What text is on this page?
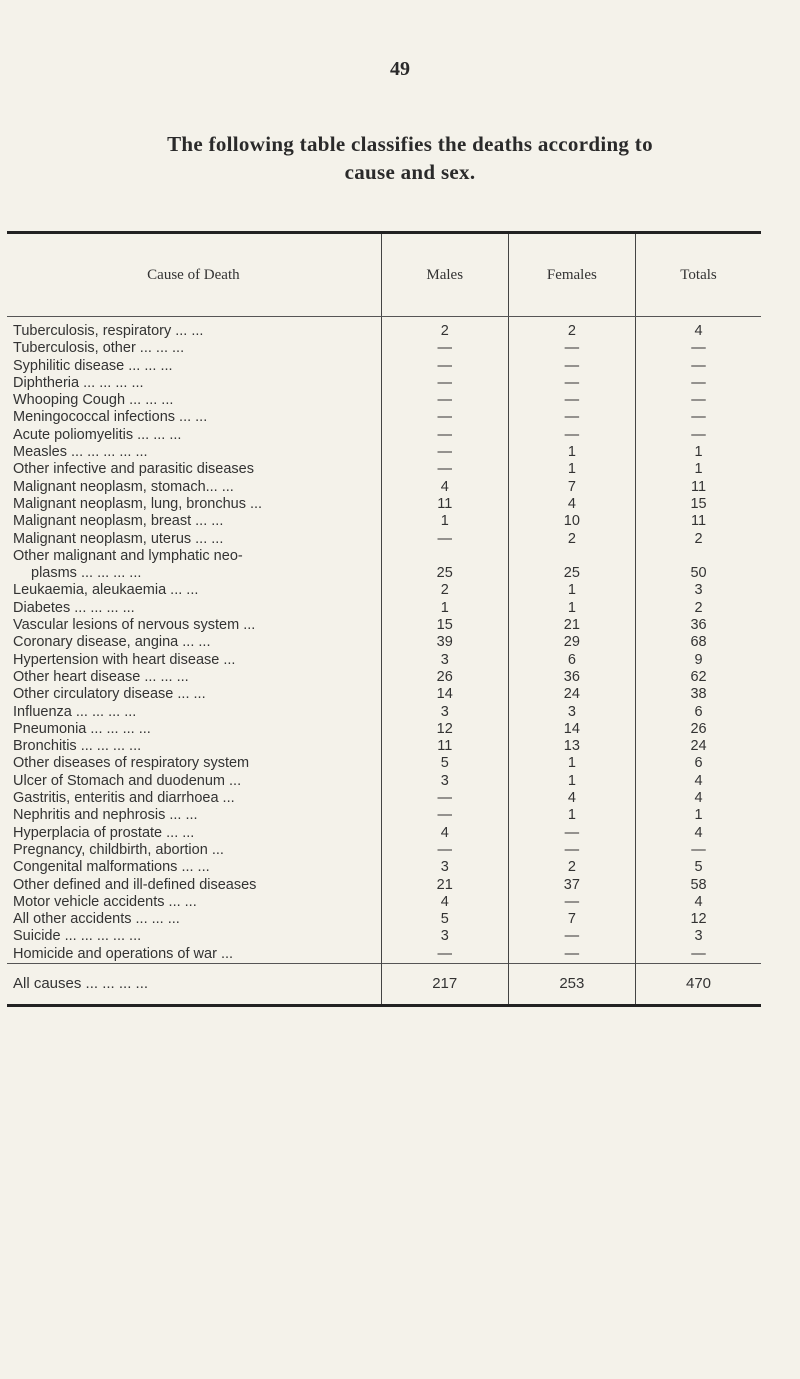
49
The following table classifies the deaths according to
cause and sex.
Cause of Death	Males	Females	Totals

Tuberculosis, respiratory ... ...	2	2	4
Tuberculosis, other ... ... ...	—	—	—
Syphilitic disease ... ... ...	—	—	—
Diphtheria ... ... ... ...	—	—	—
Whooping Cough ... ... ...	—	—	—
Meningococcal infections ... ...	—	—	—
Acute poliomyelitis ... ... ...	—	—	—
Measles ... ... ... ... ...	—	1	1
Other infective and parasitic diseases	—	1	1
Malignant neoplasm, stomach... ...	4	7	11
Malignant neoplasm, lung, bronchus ...	11	4	15
Malignant neoplasm, breast ... ...	1	10	11
Malignant neoplasm, uterus ... ...	—	2	2

Other malignant and lymphatic neo-
plasms ... ... ... ...	25	25	50
Leukaemia, aleukaemia ... ...	2	1	3
Diabetes ... ... ... ...	1	1	2
Vascular lesions of nervous system ...	15	21	36
Coronary disease, angina ... ...	39	29	68
Hypertension with heart disease ...	3	6	9
Other heart disease ... ... ...	26	36	62
Other circulatory disease ... ...	14	24	38
Influenza ... ... ... ...	3	3	6
Pneumonia ... ... ... ...	12	14	26
Bronchitis ... ... ... ...	11	13	24
Other diseases of respiratory system	5	1	6
Ulcer of Stomach and duodenum ...	3	1	4
Gastritis, enteritis and diarrhoea ...	—	4	4
Nephritis and nephrosis ... ...	—	1	1
Hyperplacia of prostate ... ...	4	—	4
Pregnancy, childbirth, abortion ...	—	—	—
Congenital malformations ... ...	3	2	5
Other defined and ill-defined diseases	21	37	58
Motor vehicle accidents ... ...	4	—	4
All other accidents ... ... ...	5	7	12
Suicide ... ... ... ... ...	3	—	3
Homicide and operations of war ...	—	—	—
All causes ... ... ... ...	217	253	470
